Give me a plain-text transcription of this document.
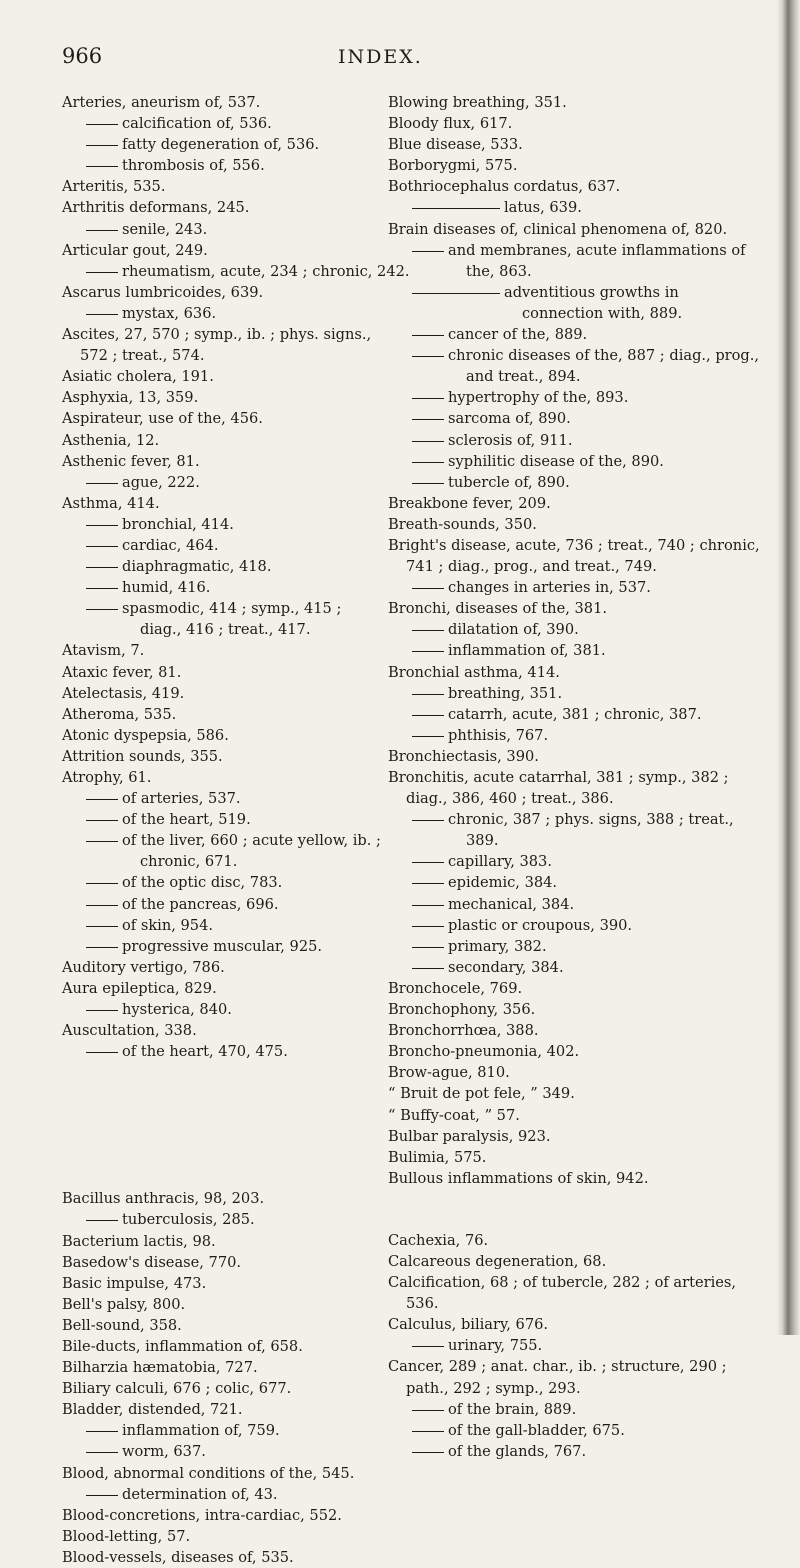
966	INDEX.
Arteries, aneurism of, 537.
calcification of, 536.
fatty degeneration of, 536.
thrombosis of, 556.
Arteritis, 535.
Arthritis deformans, 245.
senile, 243.
Articular gout, 249.
rheumatism, acute, 234 ; chronic, 242.
Ascarus lumbricoides, 639.
mystax, 636.
Ascites, 27, 570 ; symp., ib. ; phys. signs., 572 ; treat., 574.
Asiatic cholera, 191.
Asphyxia, 13, 359.
Aspirateur, use of the, 456.
Asthenia, 12.
Asthenic fever, 81.
ague, 222.
Asthma, 414.
bronchial, 414.
cardiac, 464.
diaphragmatic, 418.
humid, 416.
spasmodic, 414 ; symp., 415 ; diag., 416 ; treat., 417.
Atavism, 7.
Ataxic fever, 81.
Atelectasis, 419.
Atheroma, 535.
Atonic dyspepsia, 586.
Attrition sounds, 355.
Atrophy, 61.
of arteries, 537.
of the heart, 519.
of the liver, 660 ; acute yellow, ib. ; chronic, 671.
of the optic disc, 783.
of the pancreas, 696.
of skin, 954.
progressive muscular, 925.
Auditory vertigo, 786.
Aura epileptica, 829.
hysterica, 840.
Auscultation, 338.
of the heart, 470, 475.
Bacillus anthracis, 98, 203.
tuberculosis, 285.
Bacterium lactis, 98.
Basedow's disease, 770.
Basic impulse, 473.
Bell's palsy, 800.
Bell-sound, 358.
Bile-ducts, inflammation of, 658.
Bilharzia hæmatobia, 727.
Biliary calculi, 676 ; colic, 677.
Bladder, distended, 721.
inflammation of, 759.
worm, 637.
Blood, abnormal conditions of the, 545.
determination of, 43.
Blood-concretions, intra-cardiac, 552.
Blood-letting, 57.
Blood-vessels, diseases of, 535.
Blowing breathing, 351.
Bloody flux, 617.
Blue disease, 533.
Borborygmi, 575.
Bothriocephalus cordatus, 637.
latus, 639.
Brain diseases of, clinical phenomena of, 820.
and membranes, acute inflammations of the, 863.
adventitious growths in connection with, 889.
cancer of the, 889.
chronic diseases of the, 887 ; diag., prog., and treat., 894.
hypertrophy of the, 893.
sarcoma of, 890.
sclerosis of, 911.
syphilitic disease of the, 890.
tubercle of, 890.
Breakbone fever, 209.
Breath-sounds, 350.
Bright's disease, acute, 736 ; treat., 740 ; chronic, 741 ; diag., prog., and treat., 749.
changes in arteries in, 537.
Bronchi, diseases of the, 381.
dilatation of, 390.
inflammation of, 381.
Bronchial asthma, 414.
breathing, 351.
catarrh, acute, 381 ; chronic, 387.
phthisis, 767.
Bronchiectasis, 390.
Bronchitis, acute catarrhal, 381 ; symp., 382 ; diag., 386, 460 ; treat., 386.
chronic, 387 ; phys. signs, 388 ; treat., 389.
capillary, 383.
epidemic, 384.
mechanical, 384.
plastic or croupous, 390.
primary, 382.
secondary, 384.
Bronchocele, 769.
Bronchophony, 356.
Bronchorrhœa, 388.
Broncho-pneumonia, 402.
Brow-ague, 810.
“ Bruit de pot fele, ” 349.
“ Buffy-coat, ” 57.
Bulbar paralysis, 923.
Bulimia, 575.
Bullous inflammations of skin, 942.
Cachexia, 76.
Calcareous degeneration, 68.
Calcification, 68 ; of tubercle, 282 ; of arteries, 536.
Calculus, biliary, 676.
urinary, 755.
Cancer, 289 ; anat. char., ib. ; structure, 290 ; path., 292 ; symp., 293.
of the brain, 889.
of the gall-bladder, 675.
of the glands, 767.
